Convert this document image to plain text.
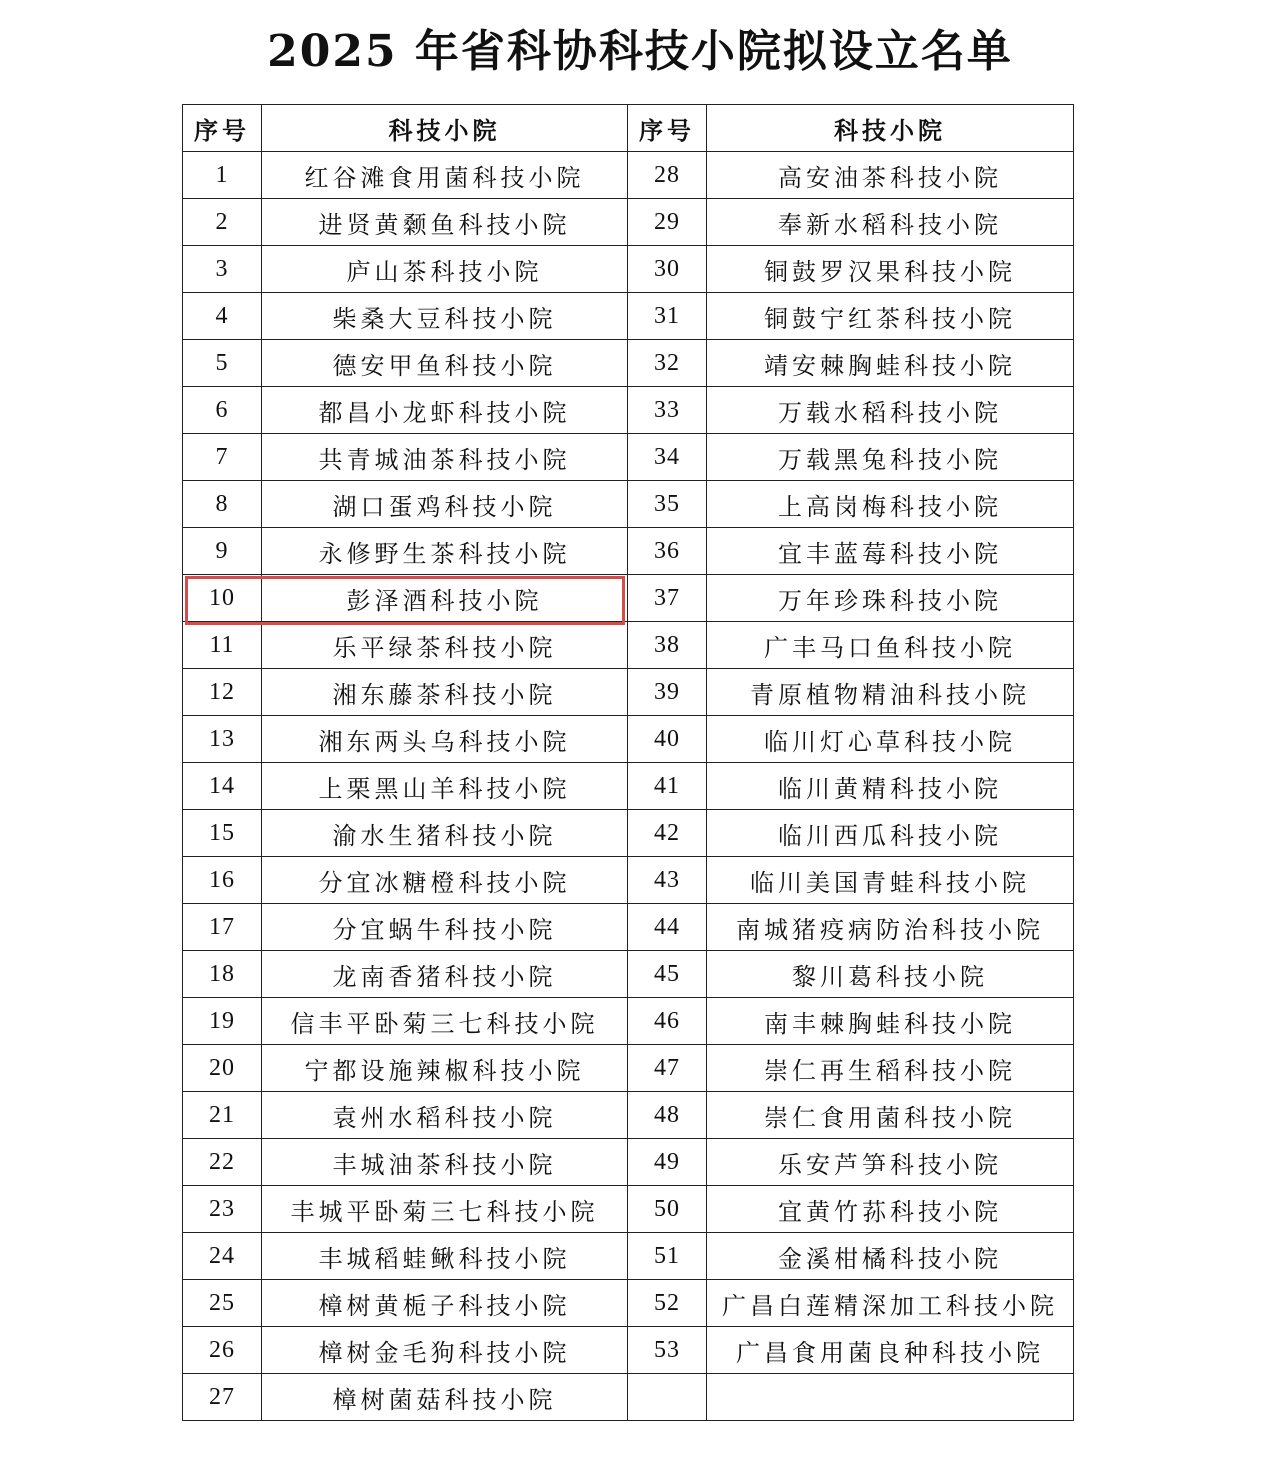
2025 年省科协科技小院拟设立名单
序号	科技小院	序号	科技小院
1	红谷滩食用菌科技小院	28	高安油茶科技小院
2	进贤黄颡鱼科技小院	29	奉新水稻科技小院
3	庐山茶科技小院	30	铜鼓罗汉果科技小院
4	柴桑大豆科技小院	31	铜鼓宁红茶科技小院
5	德安甲鱼科技小院	32	靖安棘胸蛙科技小院
6	都昌小龙虾科技小院	33	万载水稻科技小院
7	共青城油茶科技小院	34	万载黑兔科技小院
8	湖口蛋鸡科技小院	35	上高岗梅科技小院
9	永修野生茶科技小院	36	宜丰蓝莓科技小院
10	彭泽酒科技小院	37	万年珍珠科技小院
11	乐平绿茶科技小院	38	广丰马口鱼科技小院
12	湘东藤茶科技小院	39	青原植物精油科技小院
13	湘东两头乌科技小院	40	临川灯心草科技小院
14	上栗黑山羊科技小院	41	临川黄精科技小院
15	渝水生猪科技小院	42	临川西瓜科技小院
16	分宜冰糖橙科技小院	43	临川美国青蛙科技小院
17	分宜蜗牛科技小院	44	南城猪疫病防治科技小院
18	龙南香猪科技小院	45	黎川葛科技小院
19	信丰平卧菊三七科技小院	46	南丰棘胸蛙科技小院
20	宁都设施辣椒科技小院	47	崇仁再生稻科技小院
21	袁州水稻科技小院	48	崇仁食用菌科技小院
22	丰城油茶科技小院	49	乐安芦笋科技小院
23	丰城平卧菊三七科技小院	50	宜黄竹荪科技小院
24	丰城稻蛙鳅科技小院	51	金溪柑橘科技小院
25	樟树黄栀子科技小院	52	广昌白莲精深加工科技小院
26	樟树金毛狗科技小院	53	广昌食用菌良种科技小院
27	樟树菌菇科技小院		
